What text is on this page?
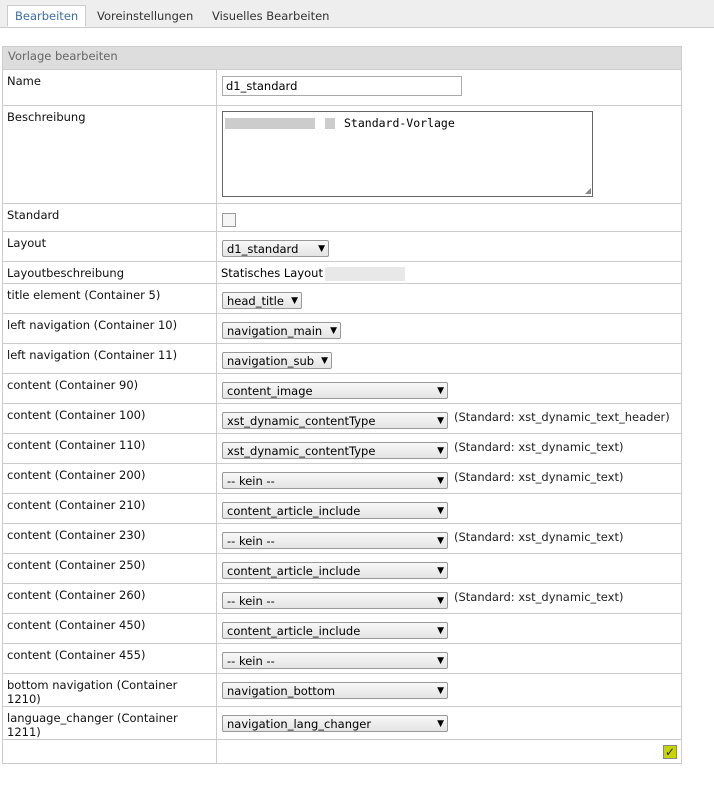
Bearbeiten	Voreinstellungen	Visuelles Bearbeiten
Vorlage bearbeiten	
Name	d1_standard
Beschreibung	Standard-Vorlage
◢

Standard	

Layout	d1_standard ▼

Layoutbeschreibung	Statisches Layout
title element (Container 5)	head_title ▼

left navigation (Container 10)	navigation_main ▼

left navigation (Container 11)	navigation_sub ▼

content (Container 90)	content_image ▼

content (Container 100)	xst_dynamic_contentType ▼ (Standard: xst_dynamic_text_header)
content (Container 110)	xst_dynamic_contentType ▼ (Standard: xst_dynamic_text)
content (Container 200)	-- kein -- ▼ (Standard: xst_dynamic_text)
content (Container 210)	content_article_include ▼

content (Container 230)	-- kein -- ▼ (Standard: xst_dynamic_text)
content (Container 250)	content_article_include ▼

content (Container 260)	-- kein -- ▼ (Standard: xst_dynamic_text)
content (Container 450)	content_article_include ▼

content (Container 455)	-- kein -- ▼

bottom navigation (Container 1210)	navigation_bottom ▼

language_changer (Container 1211)	navigation_lang_changer ▼

	✓
